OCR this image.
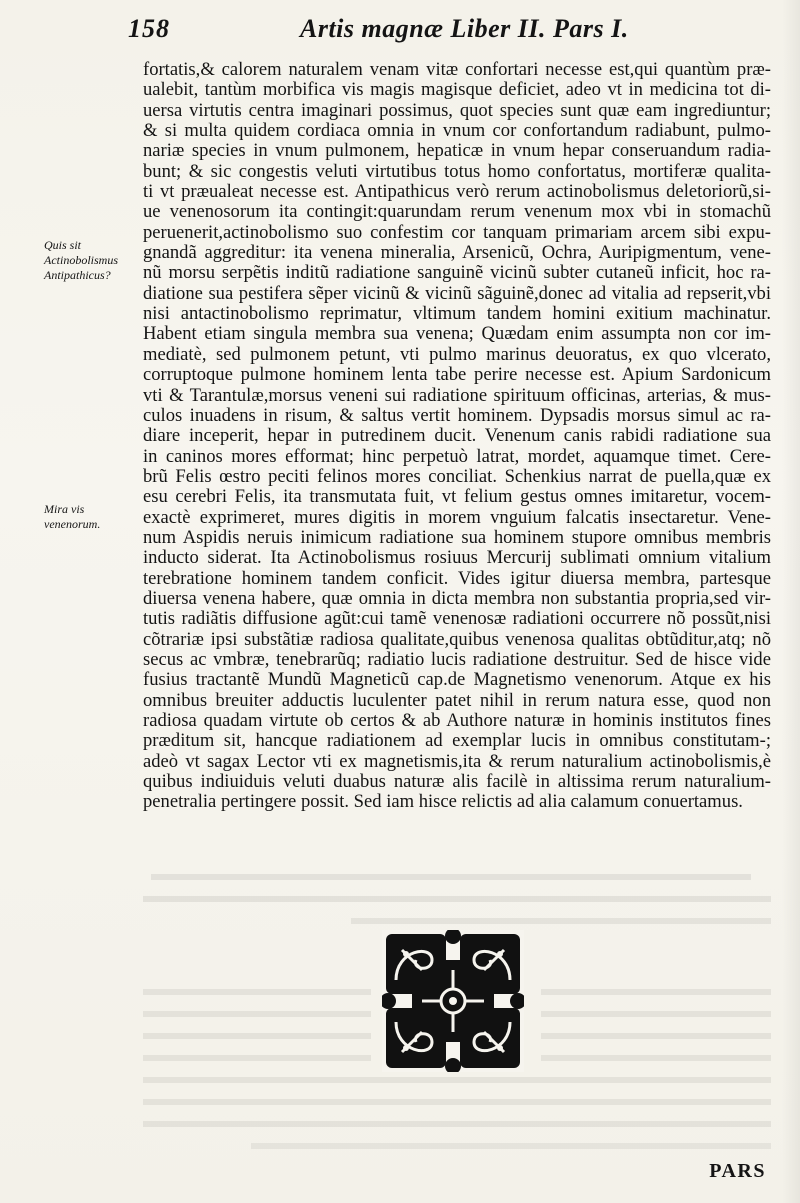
158	Artis magnæ Liber II. Pars I.
Quis sit Actinobolismus Antipathicus?
Mira vis venenorum.
fortatis,& calorem naturalem venam vitæ confortari necesse est,qui quantùm præ-
ualebit, tantùm morbifica vis magis magisque deficiet, adeo vt in medicina tot di-
uersa virtutis centra imaginari possimus, quot species sunt quæ eam ingrediuntur;
& si multa quidem cordiaca omnia in vnum cor confortandum radiabunt, pulmo-
nariæ species in vnum pulmonem, hepaticæ in vnum hepar conseruandum radia-
bunt; & sic congestis veluti virtutibus totus homo confortatus, mortiferæ qualita-
ti vt præualeat necesse est. Antipathicus verò rerum actinobolismus deletoriorũ,si-
ue venenosorum ita contingit:quarundam rerum venenum mox vbi in stomachũ
peruenerit,actinobolismo suo confestim cor tanquam primariam arcem sibi expu-
gnandã aggreditur: ita venena mineralia, Arsenicũ, Ochra, Auripigmentum, vene-
nũ morsu serpẽtis inditũ radiatione sanguinẽ vicinũ subter cutaneũ inficit, hoc ra-
diatione sua pestifera sẽper vicinũ & vicinũ sãguinẽ,donec ad vitalia ad repserit,vbi
nisi antactinobolismo reprimatur, vltimum tandem homini exitium machinatur.
Habent etiam singula membra sua venena; Quædam enim assumpta non cor im-
mediatè, sed pulmonem petunt, vti pulmo marinus deuoratus, ex quo vlcerato,
corruptoque pulmone hominem lenta tabe perire necesse est. Apium Sardonicum
vti & Tarantulæ,morsus veneni sui radiatione spirituum officinas, arterias, & mus-
culos inuadens in risum, & saltus vertit hominem. Dypsadis morsus simul ac ra-
diare inceperit, hepar in putredinem ducit. Venenum canis rabidi radiatione sua
in caninos mores efformat; hinc perpetuò latrat, mordet, aquamque timet. Cere-
brũ Felis œstro peciti felinos mores conciliat. Schenkius narrat de puella,quæ ex
esu cerebri Felis, ita transmutata fuit, vt felium gestus omnes imitaretur, vocem-
exactè exprimeret, mures digitis in morem vnguium falcatis insectaretur. Vene-
num Aspidis neruis inimicum radiatione sua hominem stupore omnibus membris
inducto siderat. Ita Actinobolismus rosiuus Mercurij sublimati omnium vitalium
terebratione hominem tandem conficit. Vides igitur diuersa membra, partesque
diuersa venena habere, quæ omnia in dicta membra non substantia propria,sed vir-
tutis radiãtis diffusione agũt:cui tamẽ venenosæ radiationi occurrere nõ possũt,nisi
cõtrariæ ipsi substãtiæ radiosa qualitate,quibus venenosa qualitas obtũditur,atq; nõ
secus ac vmbræ, tenebrarũq; radiatio lucis radiatione destruitur. Sed de hisce vide
fusius tractantẽ Mundũ Magneticũ cap.de Magnetismo venenorum. Atque ex his
omnibus breuiter adductis luculenter patet nihil in rerum natura esse, quod non
radiosa quadam virtute ob certos & ab Authore naturæ in hominis institutos fines
præditum sit, hancque radiationem ad exemplar lucis in omnibus constitutam-;
adeò vt sagax Lector vti ex magnetismis,ita & rerum naturalium actinobolismis,è
quibus indiuiduis veluti duabus naturæ alis facilè in altissima rerum naturalium-
penetralia pertingere possit. Sed iam hisce relictis ad alia calamum conuertamus.
PARS
